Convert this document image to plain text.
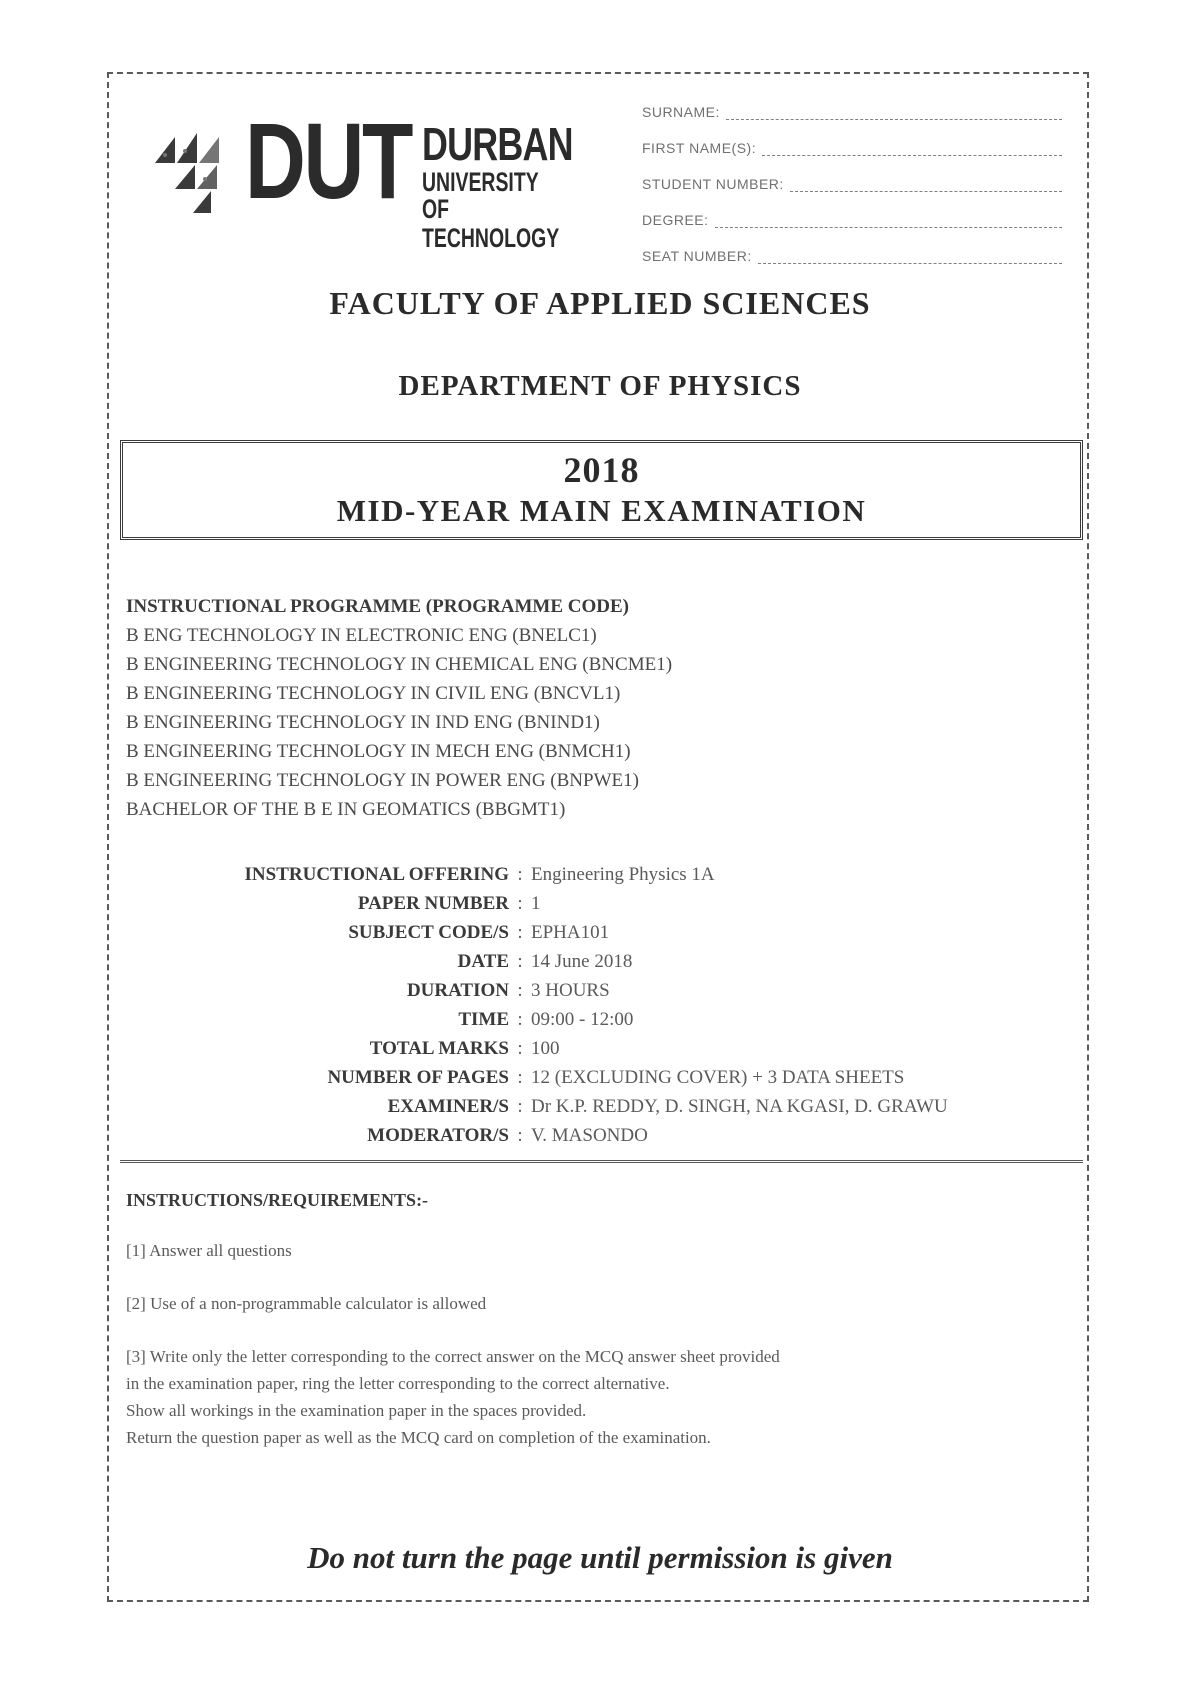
DUT DURBAN
UNIVERSITY OF
TECHNOLOGY
SURNAME:
FIRST NAME(S):
STUDENT NUMBER:
DEGREE:
SEAT NUMBER:
FACULTY OF APPLIED SCIENCES
DEPARTMENT OF PHYSICS
2018
MID-YEAR MAIN EXAMINATION
INSTRUCTIONAL PROGRAMME (PROGRAMME CODE)
B ENG TECHNOLOGY IN ELECTRONIC ENG (BNELC1)
B ENGINEERING TECHNOLOGY IN CHEMICAL ENG (BNCME1)
B ENGINEERING TECHNOLOGY IN CIVIL ENG (BNCVL1)
B ENGINEERING TECHNOLOGY IN IND ENG (BNIND1)
B ENGINEERING TECHNOLOGY IN MECH ENG (BNMCH1)
B ENGINEERING TECHNOLOGY IN POWER ENG (BNPWE1)
BACHELOR OF THE B E IN GEOMATICS (BBGMT1)
INSTRUCTIONAL OFFERING : Engineering Physics 1A
PAPER NUMBER : 1
SUBJECT CODE/S : EPHA101
DATE : 14 June 2018
DURATION : 3 HOURS
TIME : 09:00 - 12:00
TOTAL MARKS : 100
NUMBER OF PAGES : 12 (EXCLUDING COVER) + 3 DATA SHEETS
EXAMINER/S : Dr K.P. REDDY, D. SINGH, NA KGASI, D. GRAWU
MODERATOR/S : V. MASONDO
INSTRUCTIONS/REQUIREMENTS:-
[1] Answer all questions
[2] Use of a non-programmable calculator is allowed
[3] Write only the letter corresponding to the correct answer on the MCQ answer sheet provided
in the examination paper, ring the letter corresponding to the correct alternative.
Show all workings in the examination paper in the spaces provided.
Return the question paper as well as the MCQ card on completion of the examination.
Do not turn the page until permission is given
